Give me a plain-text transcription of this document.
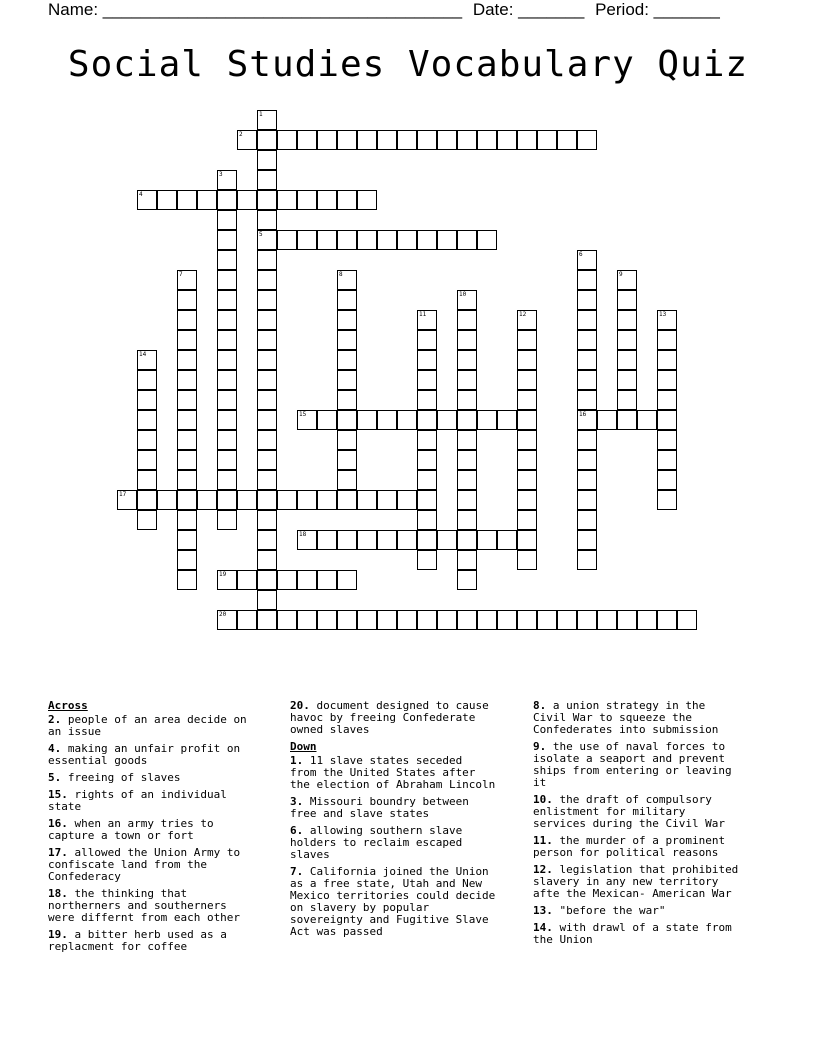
Name: ______________________________________ Date: _______ Period: _______
Social Studies Vocabulary Quiz
1
2
3
4
5
6
7	8	9
10
11	12	13
14
15	16
17
18
19
20
Across
2. people of an area decide on
an issue
4. making an unfair profit on
essential goods
5. freeing of slaves
15. rights of an individual
state
16. when an army tries to
capture a town or fort
17. allowed the Union Army to
confiscate land from the
Confederacy
18. the thinking that
northerners and southerners
were differnt from each other
19. a bitter herb used as a
replacment for coffee
20. document designed to cause
havoc by freeing Confederate
owned slaves
Down
1. 11 slave states seceded
from the United States after
the election of Abraham Lincoln
3. Missouri boundry between
free and slave states
6. allowing southern slave
holders to reclaim escaped
slaves
7. California joined the Union
as a free state, Utah and New
Mexico territories could decide
on slavery by popular
sovereignty and Fugitive Slave
Act was passed
8. a union strategy in the
Civil War to squeeze the
Confederates into submission
9. the use of naval forces to
isolate a seaport and prevent
ships from entering or leaving
it
10. the draft of compulsory
enlistment for military
services during the Civil War
11. the murder of a prominent
person for political reasons
12. legislation that prohibited
slavery in any new territory
afte the Mexican- American War
13. "before the war"
14. with drawl of a state from
the Union
